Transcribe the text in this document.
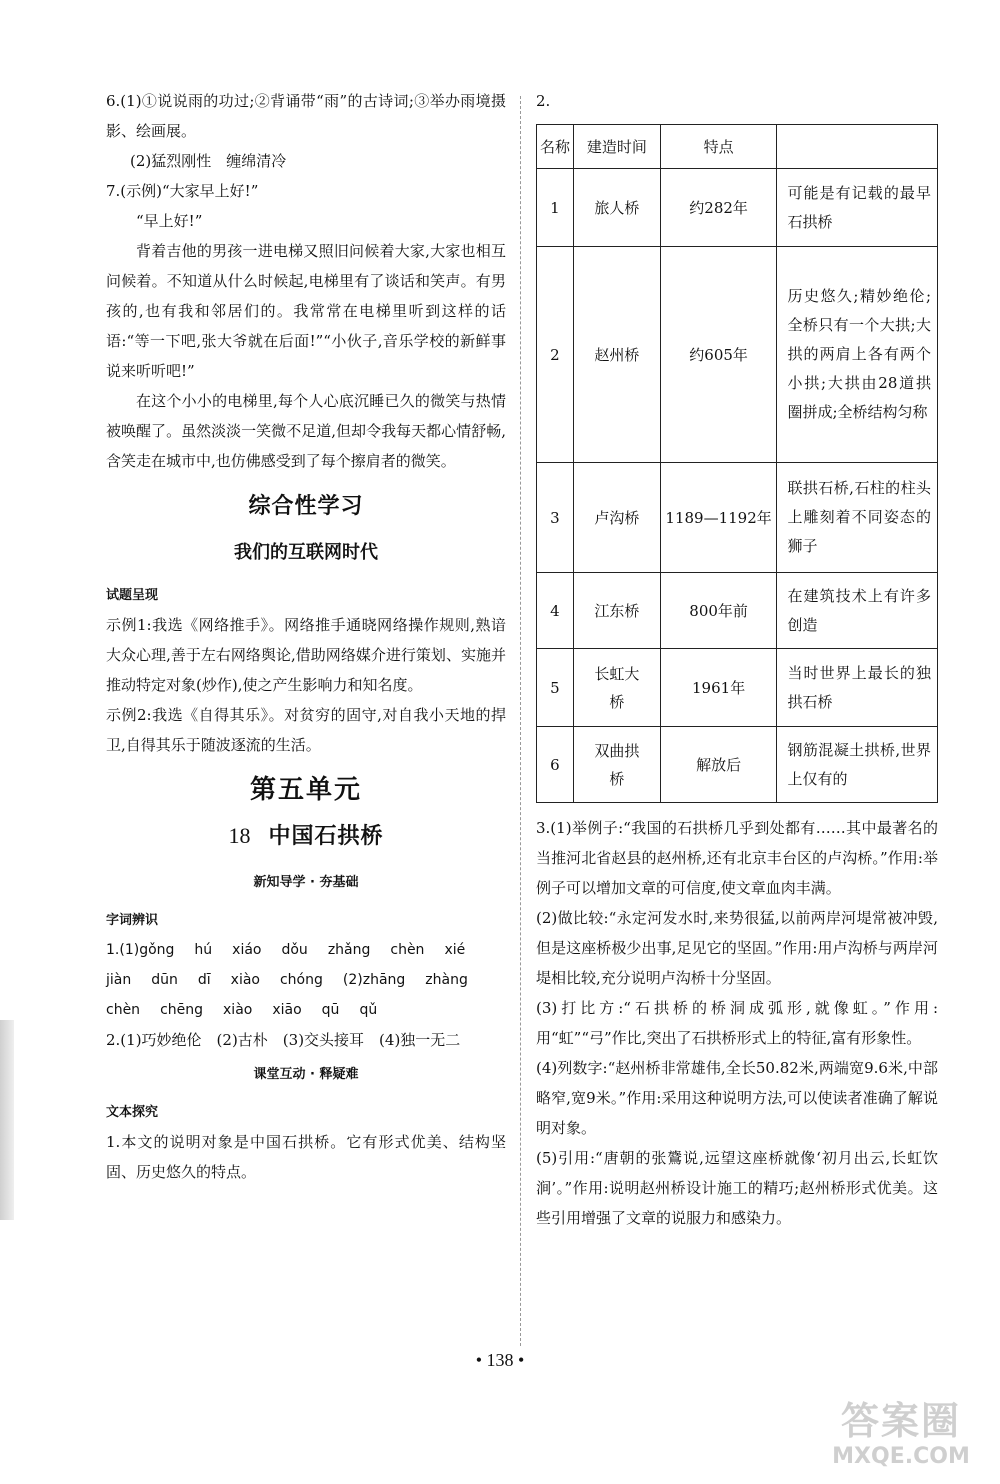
6.(1)①说说雨的功过;②背诵带“雨”的古诗词;③举办雨境摄影、绘画展。

(2)猛烈刚性　缠绵清冷

7.(示例)“大家早上好!”

“早上好!”

背着吉他的男孩一进电梯又照旧问候着大家,大家也相互问候着。不知道从什么时候起,电梯里有了谈话和笑声。有男孩的,也有我和邻居们的。我常常在电梯里听到这样的话语:“等一下吧,张大爷就在后面!”“小伙子,音乐学校的新鲜事说来听听吧!”

在这个小小的电梯里,每个人心底沉睡已久的微笑与热情被唤醒了。虽然淡淡一笑微不足道,但却令我每天都心情舒畅,含笑走在城市中,也仿佛感受到了每个擦肩者的微笑。

综合性学习
我们的互联网时代
试题呈现

示例1:我选《网络推手》。网络推手通晓网络操作规则,熟谙大众心理,善于左右网络舆论,借助网络媒介进行策划、实施并推动特定对象(炒作),使之产生影响力和知名度。

示例2:我选《自得其乐》。对贫穷的固守,对自我小天地的捍卫,自得其乐于随波逐流的生活。

第五单元
18 中国石拱桥
新知导学 · 夯基础
字词辨识
1.(1)gǒng hú xiáo dǒu zhǎng chèn xié
jiàn dūn dī xiào chóng (2)zhāng zhàng
chèn chēng xiào xiāo qū qǔ

2.(1)巧妙绝伦　(2)古朴　(3)交头接耳　(4)独一无二

课堂互动 · 释疑难
文本探究

1.本文的说明对象是中国石拱桥。它有形式优美、结构坚固、历史悠久的特点。

2.

名称	建造时间	特点	
1	旅人桥	约282年	可能是有记载的最早石拱桥
2	赵州桥	约605年	历史悠久;精妙绝伦;全桥只有一个大拱;大拱的两肩上各有两个小拱;大拱由28道拱圈拼成;全桥结构匀称
3	卢沟桥	1189—1192年	联拱石桥,石柱的柱头上雕刻着不同姿态的狮子
4	江东桥	800年前	在建筑技术上有许多创造
5	长虹大桥	1961年	当时世界上最长的独拱石桥
6	双曲拱桥	解放后	钢筋混凝土拱桥,世界上仅有的

3.(1)举例子:“我国的石拱桥几乎到处都有……其中最著名的当推河北省赵县的赵州桥,还有北京丰台区的卢沟桥。”作用:举例子可以增加文章的可信度,使文章血肉丰满。

(2)做比较:“永定河发水时,来势很猛,以前两岸河堤常被冲毁,但是这座桥极少出事,足见它的坚固。”作用:用卢沟桥与两岸河堤相比较,充分说明卢沟桥十分坚固。

(3)打比方:“石拱桥的桥洞成弧形,就像虹。”作用:用“虹”“弓”作比,突出了石拱桥形式上的特征,富有形象性。

(4)列数字:“赵州桥非常雄伟,全长50.82米,两端宽9.6米,中部略窄,宽9米。”作用:采用这种说明方法,可以使读者准确了解说明对象。

(5)引用:“唐朝的张鷟说,远望这座桥就像‘初月出云,长虹饮涧’。”作用:说明赵州桥设计施工的精巧;赵州桥形式优美。这些引用增强了文章的说服力和感染力。

• 138 •
答案圈
MXQE.COM
